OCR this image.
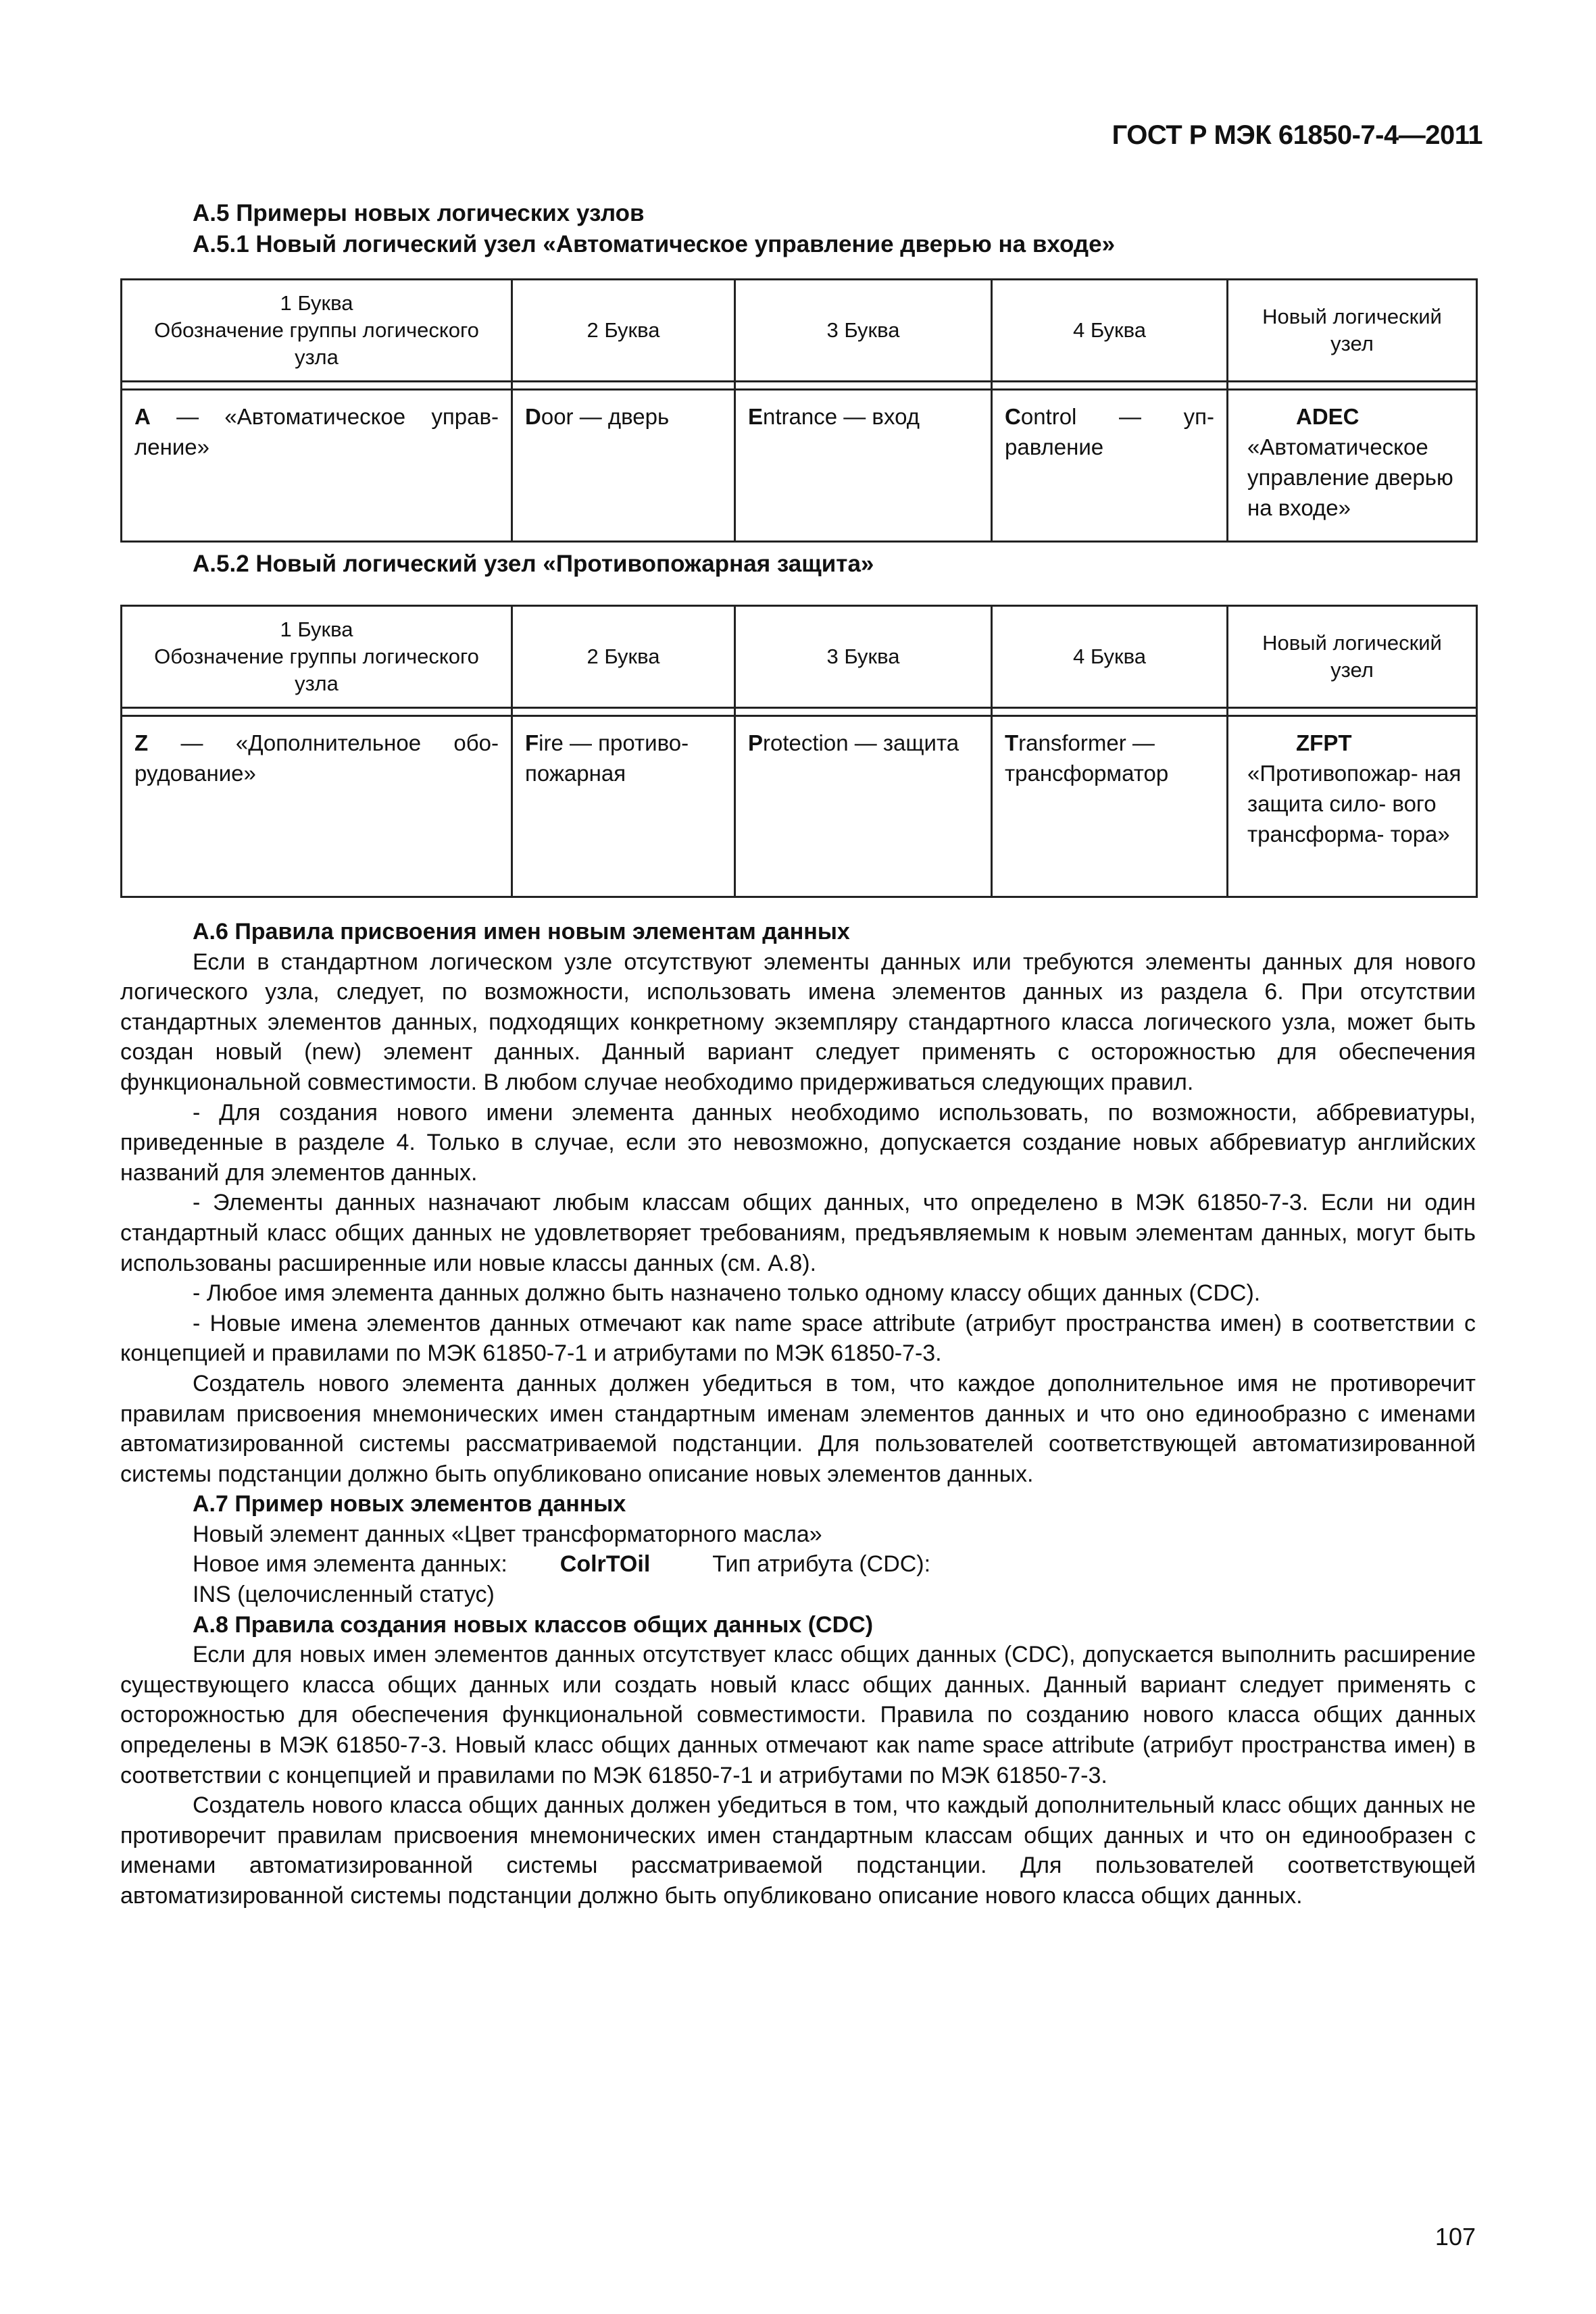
ГОСТ Р МЭК 61850-7-4—2011
А.5 Примеры новых логических узлов
А.5.1 Новый логический узел «Автоматическое управление дверью на входе»
1 Буква
Обозначение группы логического
узла	2 Буква	3 Буква	4 Буква	Новый логический
узел

А — «Автоматическое управ- ление»	Door — дверь	Entrance — вход	Control — уп- равление	ADEC
«Автоматическое управление дверью на входе»
А.5.2 Новый логический узел «Противопожарная защита»
1 Буква
Обозначение группы логического
узла	2 Буква	3 Буква	4 Буква	Новый логический
узел

Z — «Дополнительное обо- рудование»	Fire — противо- пожарная	Protection — защита	Transformer — трансформатор	ZFPT
«Противопожар- ная защита сило- вого трансформа- тора»

А.6 Правила присвоения имен новым элементам данных

Если в стандартном логическом узле отсутствуют элементы данных или требуются элементы данных для нового логического узла, следует, по возможности, использовать имена элементов данных из раздела 6. При отсутствии стандартных элементов данных, подходящих конкретному экземпляру стандартного класса логического узла, может быть создан новый (new) элемент данных. Данный вариант следует применять с осторожностью для обеспечения функциональной совместимости. В любом случае необходимо придерживаться следующих правил.

- Для создания нового имени элемента данных необходимо использовать, по возможности, аббревиатуры, приведенные в разделе 4. Только в случае, если это невозможно, допускается создание новых аббревиатур английских названий для элементов данных.

- Элементы данных назначают любым классам общих данных, что определено в МЭК 61850-7-3. Если ни один стандартный класс общих данных не удовлетворяет требованиям, предъявляемым к новым элементам данных, могут быть использованы расширенные или новые классы данных (см. А.8).

- Любое имя элемента данных должно быть назначено только одному классу общих данных (CDC).

- Новые имена элементов данных отмечают как name space attribute (атрибут пространства имен) в соответствии с концепцией и правилами по МЭК 61850-7-1 и атрибутами по МЭК 61850-7-3.

Создатель нового элемента данных должен убедиться в том, что каждое дополнительное имя не противоречит правилам присвоения мнемонических имен стандартным именам элементов данных и что оно единообразно с именами автоматизированной системы рассматриваемой подстанции. Для пользователей соответствующей автоматизированной системы подстанции должно быть опубликовано описание новых элементов данных.

А.7 Пример новых элементов данных

Новый элемент данных «Цвет трансформаторного масла»

Новое имя элемента данных: ColrTOil	Тип атрибута (CDC):

INS (целочисленный статус)

А.8 Правила создания новых классов общих данных (CDC)

Если для новых имен элементов данных отсутствует класс общих данных (CDC), допускается выполнить расширение существующего класса общих данных или создать новый класс общих данных. Данный вариант следует применять с осторожностью для обеспечения функциональной совместимости. Правила по созданию нового класса общих данных определены в МЭК 61850-7-3. Новый класс общих данных отмечают как name space attribute (атрибут пространства имен) в соответствии с концепцией и правилами по МЭК 61850-7-1 и атрибутами по МЭК 61850-7-3.

Создатель нового класса общих данных должен убедиться в том, что каждый дополнительный класс общих данных не противоречит правилам присвоения мнемонических имен стандартным классам общих данных и что он единообразен с именами автоматизированной системы рассматриваемой подстанции. Для пользователей соответствующей автоматизированной системы подстанции должно быть опубликовано описание нового класса общих данных.

107
